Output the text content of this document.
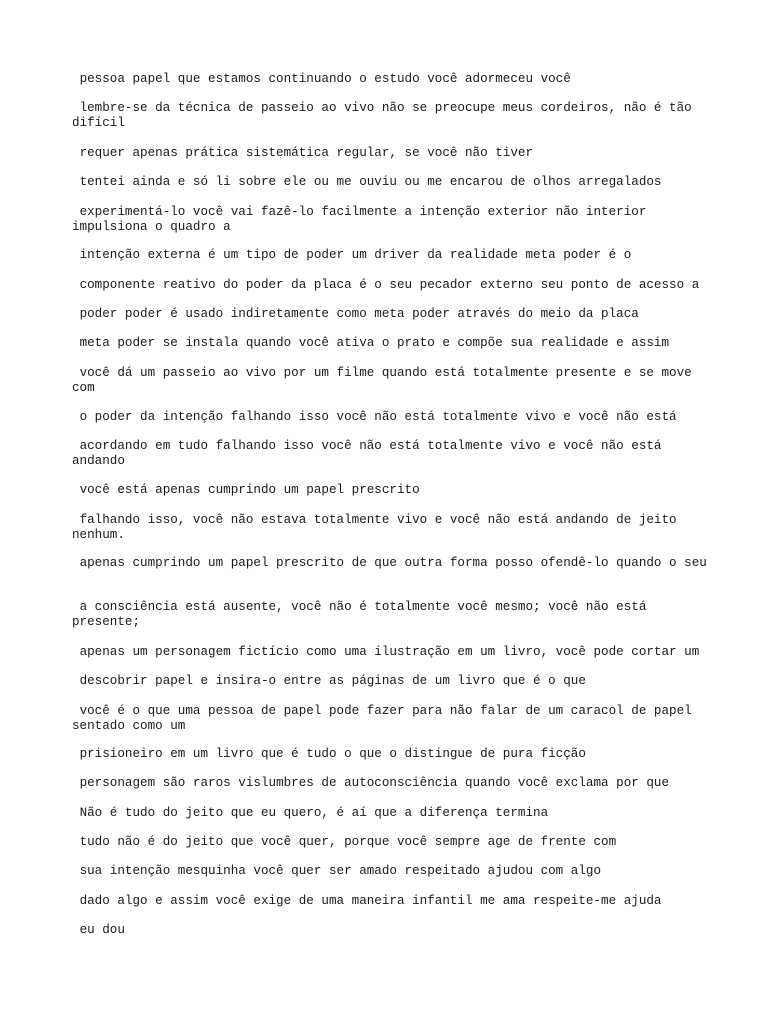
pessoa papel que estamos continuando o estudo você adormeceu você

lembre-se da técnica de passeio ao vivo não se preocupe meus cordeiros, não é tão difícil

requer apenas prática sistemática regular, se você não tiver

tentei ainda e só li sobre ele ou me ouviu ou me encarou de olhos arregalados

experimentá-lo você vai fazê-lo facilmente a intenção exterior não interior impulsiona o quadro a

intenção externa é um tipo de poder um driver da realidade meta poder é o

componente reativo do poder da placa é o seu pecador externo seu ponto de acesso a

poder poder é usado indiretamente como meta poder através do meio da placa

meta poder se instala quando você ativa o prato e compõe sua realidade e assim

você dá um passeio ao vivo por um filme quando está totalmente presente e se move com

o poder da intenção falhando isso você não está totalmente vivo e você não está

acordando em tudo falhando isso você não está totalmente vivo e você não está andando

você está apenas cumprindo um papel prescrito

falhando isso, você não estava totalmente vivo e você não está andando de jeito nenhum.

apenas cumprindo um papel prescrito de que outra forma posso ofendê-lo quando o seu

a consciência está ausente, você não é totalmente você mesmo; você não está presente;

apenas um personagem fictício como uma ilustração em um livro, você pode cortar um

descobrir papel e insira-o entre as páginas de um livro que é o que

você é o que uma pessoa de papel pode fazer para não falar de um caracol de papel sentado como um

prisioneiro em um livro que é tudo o que o distingue de pura ficção

personagem são raros vislumbres de autoconsciência quando você exclama por que

Não é tudo do jeito que eu quero, é aí que a diferença termina

tudo não é do jeito que você quer, porque você sempre age de frente com

sua intenção mesquinha você quer ser amado respeitado ajudou com algo

dado algo e assim você exige de uma maneira infantil me ama respeite-me ajuda

eu dou
